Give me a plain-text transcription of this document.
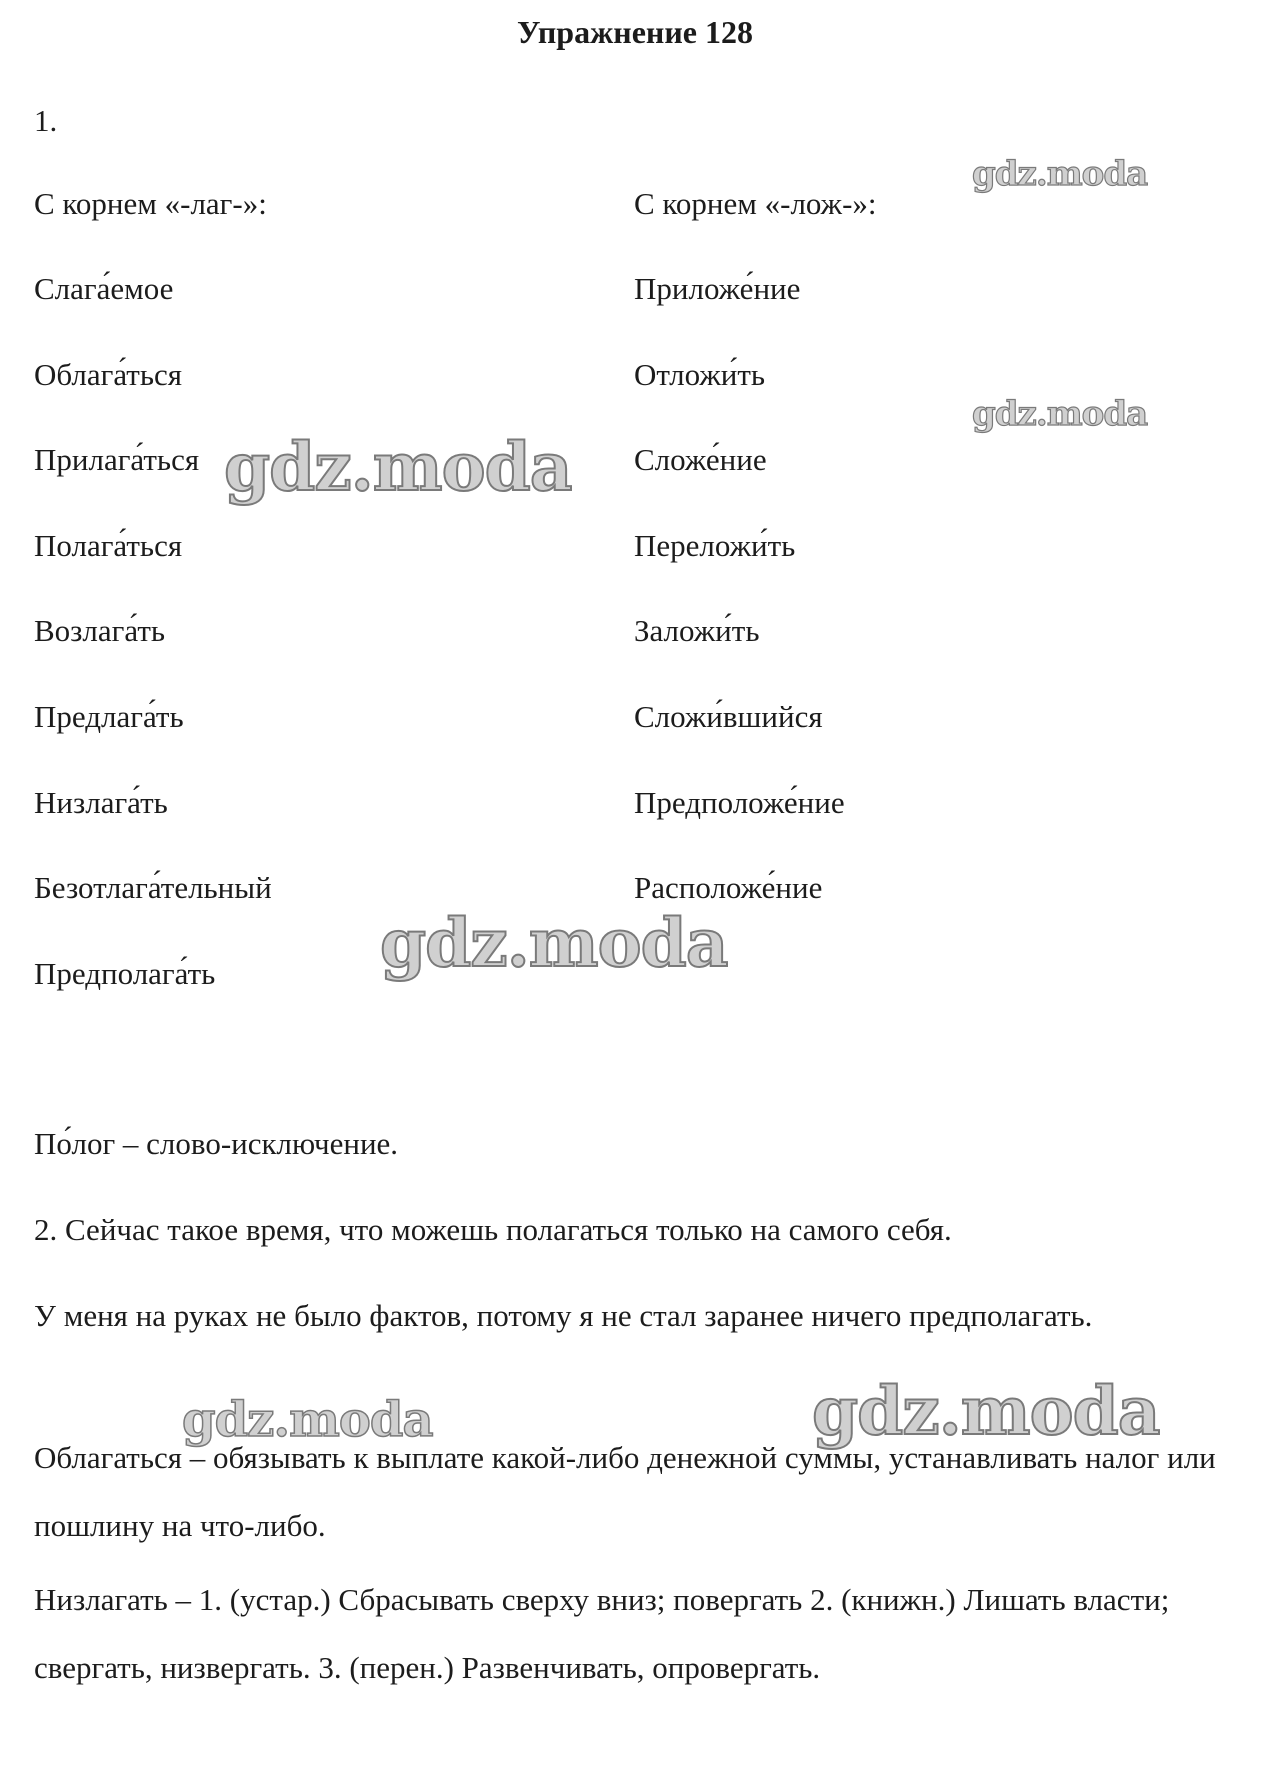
Упражнение 128
1.
С корнем «-лаг-»:
Слага́емое
Облага́ться
Прилага́ться
Полага́ться
Возлага́ть
Предлага́ть
Низлага́ть
Безотлага́тельный
Предполага́ть
С корнем «-лож-»:
Приложе́ние
Отложи́ть
Сложе́ние
Переложи́ть
Заложи́ть
Сложи́вшийся
Предположе́ние
Расположе́ние
По́лог – слово-исключение.
2. Сейчас такое время, что можешь полагаться только на самого себя.
У меня на руках не было фактов, потому я не стал заранее ничего предполагать.
Облагаться – обязывать к выплате какой-либо денежной суммы, устанавливать налог или пошлину на что-либо.
Низлагать – 1. (устар.) Сбрасывать сверху вниз; повергать 2. (книжн.) Лишать власти; свергать, низвергать. 3. (перен.) Развенчивать, опровергать.
gdz.moda
gdz.moda
gdz.moda
gdz.moda
gdz.moda	gdz.moda
